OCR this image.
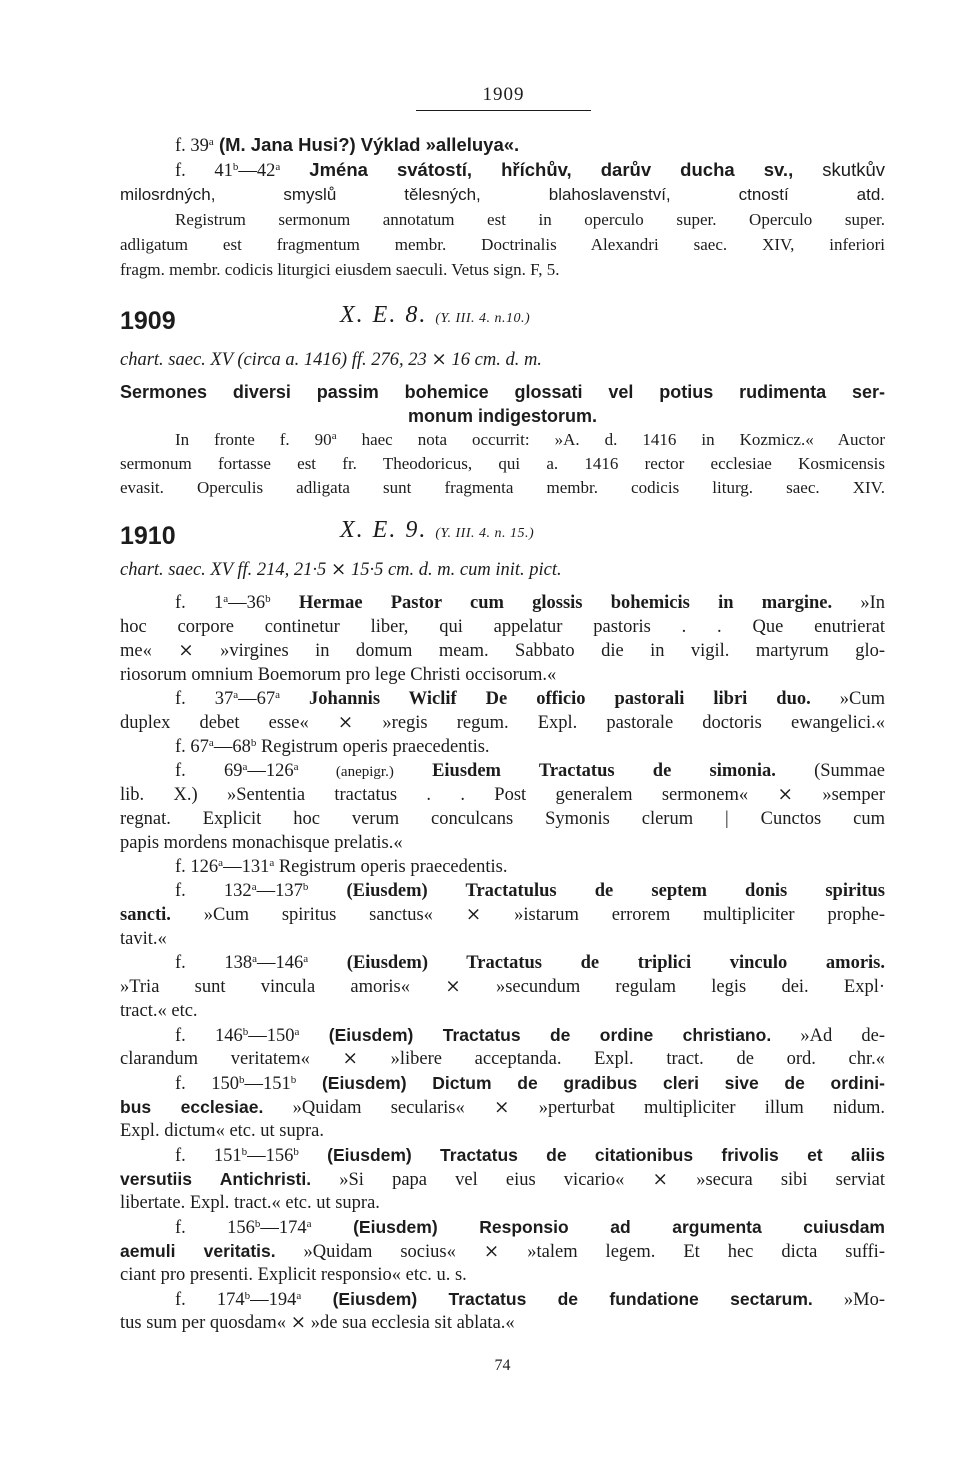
1909
f. 39$^a$ (M. Jana Husi?) Výklad »alleluya«.
f. 41$^b$—42$^a$ Jména svátostí, hříchův, darův ducha sv., skutkův
milosrdných, smyslů tělesných, blahoslavenství, ctností atd.
Registrum sermonum annotatum est in operculo super. Operculo super.
adligatum est fragmentum membr. Doctrinalis Alexandri saec. XIV, inferiori
fragm. membr. codicis liturgici eiusdem saeculi. Vetus sign. F, 5.
1909	X. E. 8. (Y. III. 4. n.10.)
chart. saec. XV (circa a. 1416) ff. 276, 23 ⨯ 16 cm. d. m.
Sermones diversi passim bohemice glossati vel potius rudimenta ser-
monum indigestorum.
In fronte f. 90$^a$ haec nota occurrit: »A. d. 1416 in Kozmicz.« Auctor
sermonum fortasse est fr. Theodoricus, qui a. 1416 rector ecclesiae Kosmicensis
evasit. Operculis adligata sunt fragmenta membr. codicis liturg. saec. XIV.
1910	X. E. 9. (Y. III. 4. n. 15.)
chart. saec. XV ff. 214, 21·5 ⨯ 15·5 cm. d. m. cum init. pict.
f. 1$^a$—36$^b$ Hermae Pastor cum glossis bohemicis in margine. »In
hoc corpore continetur liber, qui appelatur pastoris . . Que enutrierat
me« ⨯ »virgines in domum meam. Sabbato die in vigil. martyrum glo-
riosorum omnium Boemorum pro lege Christi occisorum.«
f. 37$^a$—67$^a$ Johannis Wiclif De officio pastorali libri duo. »Cum
duplex debet esse« ⨯ »regis regum. Expl. pastorale doctoris ewangelici.«
f. 67$^a$—68$^b$ Registrum operis praecedentis.
f. 69$^a$—126$^a$ (anepigr.) Eiusdem Tractatus de simonia. (Summae
lib. X.) »Sententia tractatus . . Post generalem sermonem« ⨯ »semper
regnat. Explicit hoc verum conculcans Symonis clerum | Cunctos cum
papis mordens monachisque prelatis.«
f. 126$^a$—131$^a$ Registrum operis praecedentis.
f. 132$^a$—137$^b$ (Eiusdem) Tractatulus de septem donis spiritus
sancti. »Cum spiritus sanctus« ⨯ »istarum errorem multipliciter prophe-
tavit.«
f. 138$^a$—146$^a$ (Eiusdem) Tractatus de triplici vinculo amoris.
»Tria sunt vincula amoris« ⨯ »secundum regulam legis dei. Expl·
tract.« etc.
f. 146$^b$—150$^a$ (Eiusdem) Tractatus de ordine christiano. »Ad de-
clarandum veritatem« ⨯ »libere acceptanda. Expl. tract. de ord. chr.«
f. 150$^b$—151$^b$ (Eiusdem) Dictum de gradibus cleri sive de ordini-
bus ecclesiae. »Quidam secularis« ⨯ »perturbat multipliciter illum nidum.
Expl. dictum« etc. ut supra.
f. 151$^b$—156$^b$ (Eiusdem) Tractatus de citationibus frivolis et aliis
versutiis Antichristi. »Si papa vel eius vicario« ⨯ »secura sibi serviat
libertate. Expl. tract.« etc. ut supra.
f. 156$^b$—174$^a$ (Eiusdem) Responsio ad argumenta cuiusdam
aemuli veritatis. »Quidam socius« ⨯ »talem legem. Et hec dicta suffi-
ciant pro presenti. Explicit responsio« etc. u. s.
f. 174$^b$—194$^a$ (Eiusdem) Tractatus de fundatione sectarum. »Mo-
tus sum per quosdam« ⨯ »de sua ecclesia sit ablata.«
74
